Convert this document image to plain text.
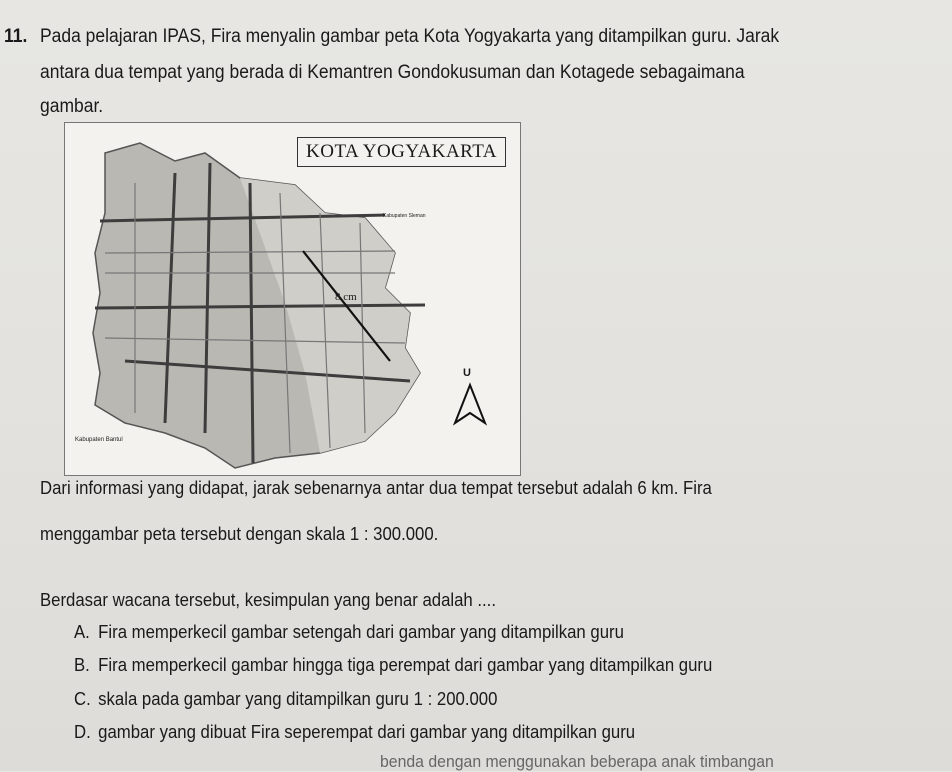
11. Pada pelajaran IPAS, Fira menyalin gambar peta Kota Yogyakarta yang ditampilkan guru. Jarak
antara dua tempat yang berada di Kemantren Gondokusuman dan Kotagede sebagaimana
gambar.
KOTA YOGYAKARTA
8 cm
U
Kabupaten Sleman
Kabupaten Bantul
Dari informasi yang didapat, jarak sebenarnya antar dua tempat tersebut adalah 6 km. Fira
menggambar peta tersebut dengan skala 1 : 300.000.
Berdasar wacana tersebut, kesimpulan yang benar adalah ....
A. Fira memperkecil gambar setengah dari gambar yang ditampilkan guru
B. Fira memperkecil gambar hingga tiga perempat dari gambar yang ditampilkan guru
C. skala pada gambar yang ditampilkan guru 1 : 200.000
D. gambar yang dibuat Fira seperempat dari gambar yang ditampilkan guru
benda dengan menggunakan beberapa anak timbangan
